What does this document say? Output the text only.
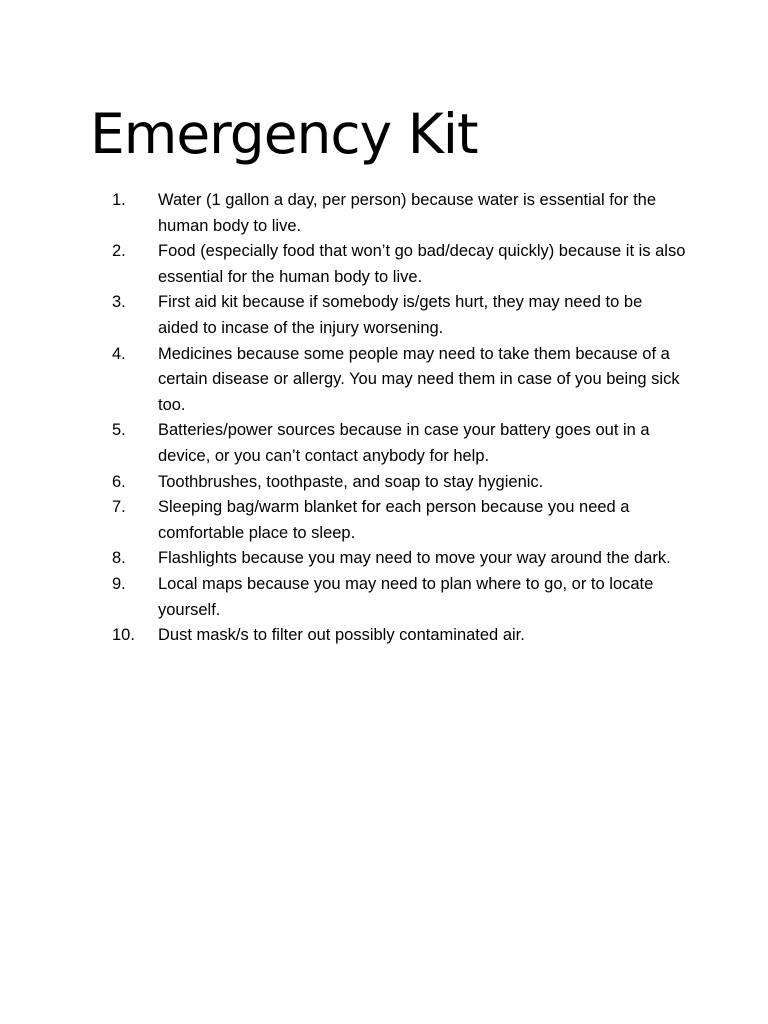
Emergency Kit
1. Water (1 gallon a day, per person) because water is essential for the human body to live.
2. Food (especially food that won’t go bad/decay quickly) because it is also essential for the human body to live.
3. First aid kit because if somebody is/gets hurt, they may need to be aided to incase of the injury worsening.
4. Medicines because some people may need to take them because of a certain disease or allergy. You may need them in case of you being sick too.
5. Batteries/power sources because in case your battery goes out in a device, or you can’t contact anybody for help.
6. Toothbrushes, toothpaste, and soap to stay hygienic.
7. Sleeping bag/warm blanket for each person because you need a comfortable place to sleep.
8. Flashlights because you may need to move your way around the dark.
9. Local maps because you may need to plan where to go, or to locate yourself.
10. Dust mask/s to filter out possibly contaminated air.
